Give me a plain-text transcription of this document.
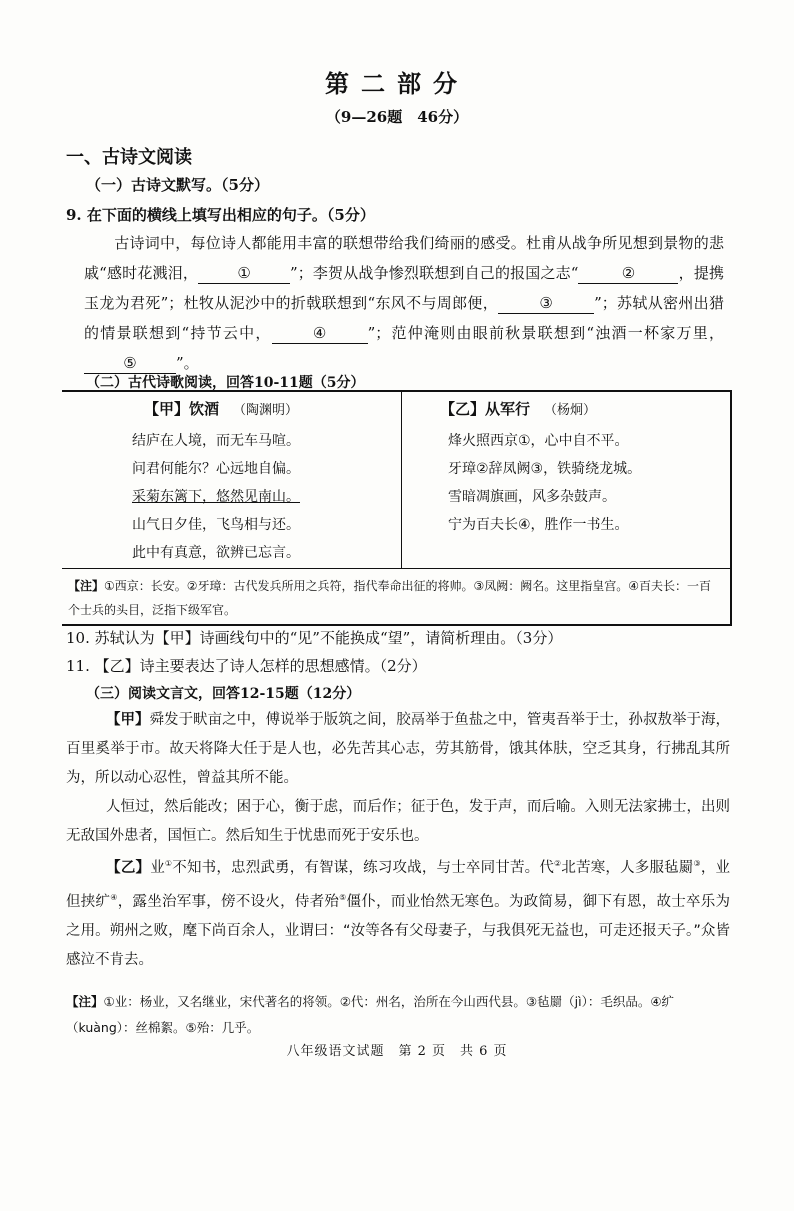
第二部分
（9—26题　46分）
一、古诗文阅读
（一）古诗文默写。（5分）
9. 在下面的横线上填写出相应的句子。（5分）
古诗词中，每位诗人都能用丰富的联想带给我们绮丽的感受。杜甫从战争所见想到景物的悲戚“感时花溅泪，	①	”；李贺从战争惨烈联想到自己的报国之志“	②	，提携玉龙为君死”；杜牧从泥沙中的折戟联想到“东风不与周郎便，	③	”；苏轼从密州出猎的情景联想到“持节云中，	④	”；范仲淹则由眼前秋景联想到“浊酒一杯家万里，⑤	”。
（二）古代诗歌阅读，回答10-11题（5分）
【甲】饮酒 （陶渊明）
结庐在人境，而无车马喧。
问君何能尔？心远地自偏。
采菊东篱下，悠然见南山。
山气日夕佳，飞鸟相与还。
此中有真意，欲辨已忘言。
【乙】从军行 （杨炯）
烽火照西京①，心中自不平。
牙璋②辞凤阙③，铁骑绕龙城。
雪暗凋旗画，风多杂鼓声。
宁为百夫长④，胜作一书生。
【注】①西京：长安。②牙璋：古代发兵所用之兵符，指代奉命出征的将帅。③凤阙：阙名。这里指皇宫。④百夫长：一百个士兵的头目，泛指下级军官。
10. 苏轼认为【甲】诗画线句中的“见”不能换成“望”，请简析理由。（3分）
11. 【乙】诗主要表达了诗人怎样的思想感情。（2分）
（三）阅读文言文，回答12-15题（12分）
【甲】舜发于畎亩之中，傅说举于版筑之间，胶鬲举于鱼盐之中，管夷吾举于士，孙叔敖举于海，百里奚举于市。故天将降大任于是人也，必先苦其心志，劳其筋骨，饿其体肤，空乏其身，行拂乱其所为，所以动心忍性，曾益其所不能。
人恒过，然后能改；困于心，衡于虑，而后作；征于色，发于声，而后喻。入则无法家拂士，出则无敌国外患者，国恒亡。然后知生于忧患而死于安乐也。
【乙】业①不知书，忠烈武勇，有智谋，练习攻战，与士卒同甘苦。代②北苦寒，人多服毡罽③，业但挟纩④，露坐治军事，傍不设火，侍者殆⑤僵仆，而业怡然无寒色。为政简易，御下有恩，故士卒乐为之用。朔州之败，麾下尚百余人，业谓曰：“汝等各有父母妻子，与我俱死无益也，可走还报天子。”众皆感泣不肯去。
【注】①业：杨业，又名继业，宋代著名的将领。②代：州名，治所在今山西代县。③毡罽（jì）：毛织品。④纩（kuàng）：丝棉絮。⑤殆：几乎。
八年级语文试题　第 2 页　共 6 页
